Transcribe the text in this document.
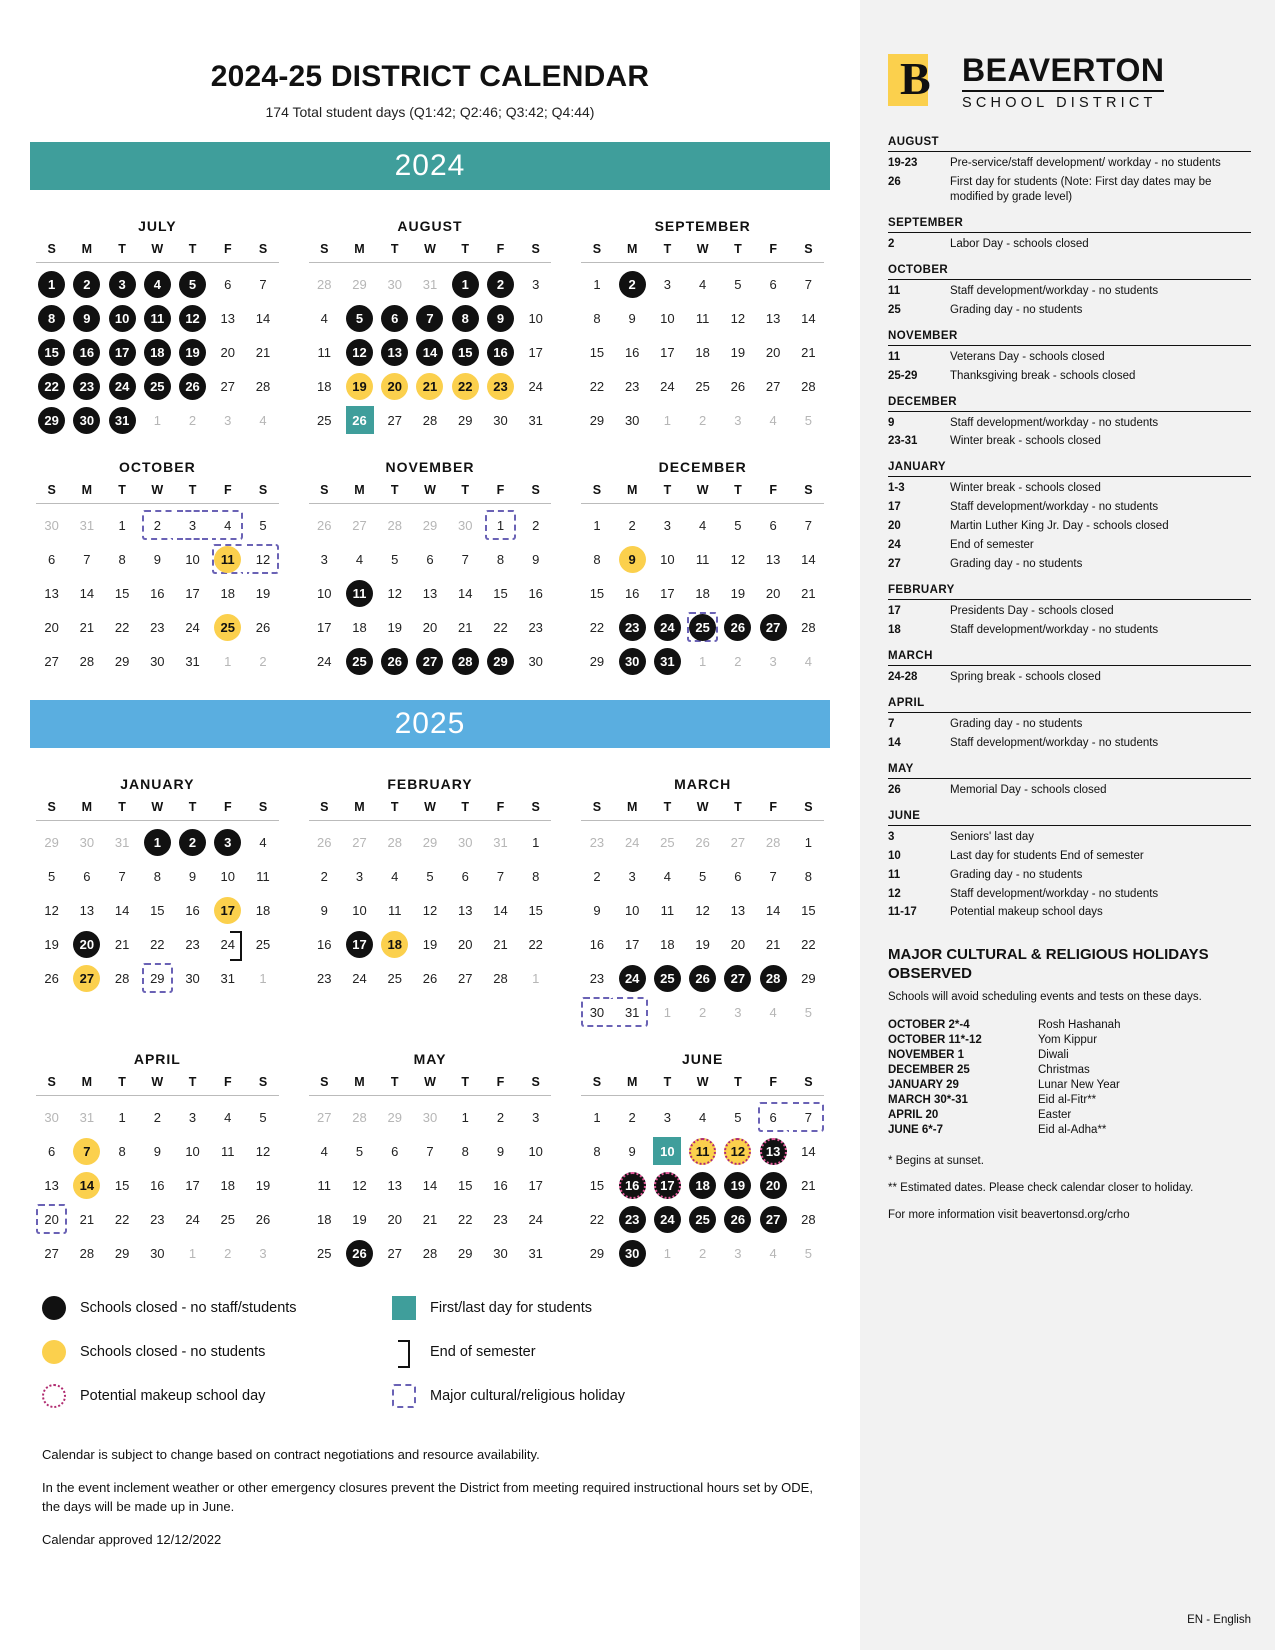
2024-25 DISTRICT CALENDAR
174 Total student days (Q1:42; Q2:46; Q3:42; Q4:44)
2024
JULY
S	M	T	W	T	F	S
1	2	3	4	5	6	7
8	9	10	11	12	13	14
15	16	17	18	19	20	21
22	23	24	25	26	27	28
29	30	31	1	2	3	4
AUGUST
S	M	T	W	T	F	S
28	29	30	31	1	2	3
4	5	6	7	8	9	10
11	12	13	14	15	16	17
18	19	20	21	22	23	24
25	26	27	28	29	30	31
SEPTEMBER
S	M	T	W	T	F	S
1	2	3	4	5	6	7
8	9	10	11	12	13	14
15	16	17	18	19	20	21
22	23	24	25	26	27	28
29	30	1	2	3	4	5
OCTOBER
S	M	T	W	T	F	S
30	31	1	2	3	4	5
6	7	8	9	10	11	12
13	14	15	16	17	18	19
20	21	22	23	24	25	26
27	28	29	30	31	1	2
NOVEMBER
S	M	T	W	T	F	S
26	27	28	29	30	1	2
3	4	5	6	7	8	9
10	11	12	13	14	15	16
17	18	19	20	21	22	23
24	25	26	27	28	29	30
DECEMBER
S	M	T	W	T	F	S
1	2	3	4	5	6	7
8	9	10	11	12	13	14
15	16	17	18	19	20	21
22	23	24	25	26	27	28
29	30	31	1	2	3	4
2025
JANUARY
S	M	T	W	T	F	S
29	30	31	1	2	3	4
5	6	7	8	9	10	11
12	13	14	15	16	17	18
19	20	21	22	23	24	25
26	27	28	29	30	31	1
FEBRUARY
S	M	T	W	T	F	S
26	27	28	29	30	31	1
2	3	4	5	6	7	8
9	10	11	12	13	14	15
16	17	18	19	20	21	22
23	24	25	26	27	28	1
MARCH
S	M	T	W	T	F	S
23	24	25	26	27	28	1
2	3	4	5	6	7	8
9	10	11	12	13	14	15
16	17	18	19	20	21	22
23	24	25	26	27	28	29
30	31	1	2	3	4	5
APRIL
S	M	T	W	T	F	S
30	31	1	2	3	4	5
6	7	8	9	10	11	12
13	14	15	16	17	18	19
20	21	22	23	24	25	26
27	28	29	30	1	2	3
MAY
S	M	T	W	T	F	S
27	28	29	30	1	2	3
4	5	6	7	8	9	10
11	12	13	14	15	16	17
18	19	20	21	22	23	24
25	26	27	28	29	30	31
JUNE
S	M	T	W	T	F	S
1	2	3	4	5	6	7
8	9	10	11	12	13	14
15	16	17	18	19	20	21
22	23	24	25	26	27	28
29	30	1	2	3	4	5
Schools closed - no staff/students	First/last day for students
Schools closed - no students	End of semester
Potential makeup school day	Major cultural/religious holiday

Calendar is subject to change based on contract negotiations and resource availability.

In the event inclement weather or other emergency closures prevent the District from meeting required instructional hours set by ODE, the days will be made up in June.

Calendar approved 12/12/2022

B BEAVERTON
SCHOOL DISTRICT
AUGUST
19-23	Pre-service/staff development/ workday - no students
26	First day for students (Note: First day dates may be modified by grade level)
SEPTEMBER
2	Labor Day - schools closed
OCTOBER
11	Staff development/workday - no students
25	Grading day - no students
NOVEMBER
11	Veterans Day - schools closed
25-29	Thanksgiving break - schools closed
DECEMBER
9	Staff development/workday - no students
23-31	Winter break - schools closed
JANUARY
1-3	Winter break - schools closed
17	Staff development/workday - no students
20	Martin Luther King Jr. Day - schools closed
24	End of semester
27	Grading day - no students
FEBRUARY
17	Presidents Day - schools closed
18	Staff development/workday - no students
MARCH
24-28	Spring break - schools closed
APRIL
7	Grading day - no students
14	Staff development/workday - no students
MAY
26	Memorial Day - schools closed
JUNE
3	Seniors' last day
10	Last day for students End of semester
11	Grading day - no students
12	Staff development/workday - no students
11-17	Potential makeup school days
MAJOR CULTURAL & RELIGIOUS HOLIDAYS OBSERVED
Schools will avoid scheduling events and tests on these days.
OCTOBER 2*-4	Rosh Hashanah
OCTOBER 11*-12	Yom Kippur
NOVEMBER 1	Diwali
DECEMBER 25	Christmas
JANUARY 29	Lunar New Year
MARCH 30*-31	Eid al-Fitr**
APRIL 20	Easter
JUNE 6*-7	Eid al-Adha**

* Begins at sunset.

** Estimated dates. Please check calendar closer to holiday.

For more information visit beavertonsd.org/crho

EN - English
